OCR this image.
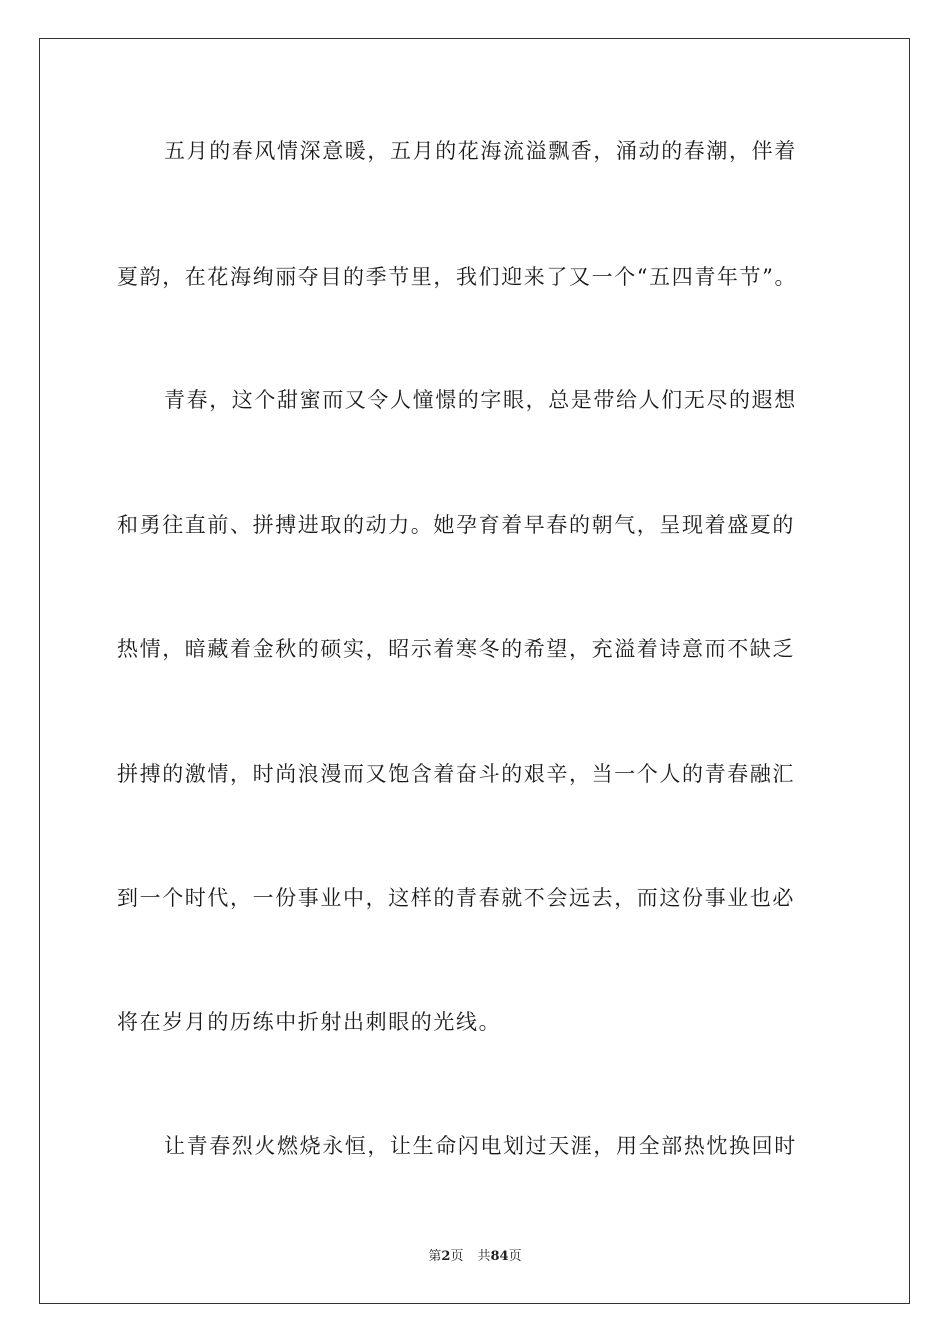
五月的春风情深意暖，五月的花海流溢飘香，涌动的春潮，伴着
夏韵，在花海绚丽夺目的季节里，我们迎来了又一个“五四青年节”。
青春，这个甜蜜而又令人憧憬的字眼，总是带给人们无尽的遐想
和勇往直前、拼搏进取的动力。她孕育着早春的朝气，呈现着盛夏的
热情，暗藏着金秋的硕实，昭示着寒冬的希望，充溢着诗意而不缺乏
拼搏的激情，时尚浪漫而又饱含着奋斗的艰辛，当一个人的青春融汇
到一个时代，一份事业中，这样的青春就不会远去，而这份事业也必
将在岁月的历练中折射出刺眼的光线。
让青春烈火燃烧永恒，让生命闪电划过天涯，用全部热忱换回时
第2页 共84页
